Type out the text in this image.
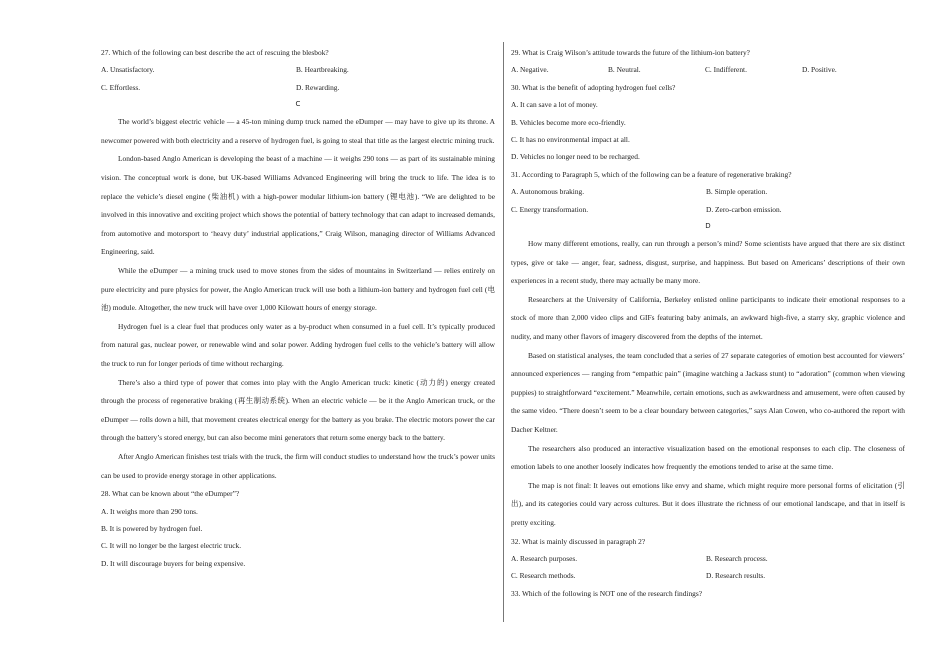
27. Which of the following can best describe the act of rescuing the blesbok?
A. Unsatisfactory.	B. Heartbreaking.
C. Effortless.	D. Rewarding.
C
The world’s biggest electric vehicle — a 45-ton mining dump truck named the eDumper — may have to give up its throne. A newcomer powered with both electricity and a reserve of hydrogen fuel, is going to steal that title as the largest electric mining truck.
London-based Anglo American is developing the beast of a machine — it weighs 290 tons — as part of its sustainable mining vision. The conceptual work is done, but UK-based Williams Advanced Engineering will bring the truck to life. The idea is to replace the vehicle’s diesel engine (柴油机) with a high-power modular lithium-ion battery (锂电池). “We are delighted to be involved in this innovative and exciting project which shows the potential of battery technology that can adapt to increased demands, from automotive and motorsport to ‘heavy duty’ industrial applications,” Craig Wilson, managing director of Williams Advanced Engineering, said.
While the eDumper — a mining truck used to move stones from the sides of mountains in Switzerland — relies entirely on pure electricity and pure physics for power, the Anglo American truck will use both a lithium-ion battery and hydrogen fuel cell (电池) module. Altogether, the new truck will have over 1,000 Kilowatt hours of energy storage.
Hydrogen fuel is a clear fuel that produces only water as a by-product when consumed in a fuel cell. It’s typically produced from natural gas, nuclear power, or renewable wind and solar power. Adding hydrogen fuel cells to the vehicle’s battery will allow the truck to run for longer periods of time without recharging.
There’s also a third type of power that comes into play with the Anglo American truck: kinetic (动力的) energy created through the process of regenerative braking (再生制动系统). When an electric vehicle — be it the Anglo American truck, or the eDumper — rolls down a hill, that movement creates electrical energy for the battery as you brake. The electric motors power the car through the battery’s stored energy, but can also become mini generators that return some energy back to the battery.
After Anglo American finishes test trials with the truck, the firm will conduct studies to understand how the truck’s power units can be used to provide energy storage in other applications.
28. What can be known about “the eDumper”?
A. It weighs more than 290 tons.
B. It is powered by hydrogen fuel.
C. It will no longer be the largest electric truck.
D. It will discourage buyers for being expensive.
29. What is Craig Wilson’s attitude towards the future of the lithium-ion battery?
A. Negative.	B. Neutral.	C. Indifferent.	D. Positive.
30. What is the benefit of adopting hydrogen fuel cells?
A. It can save a lot of money.
B. Vehicles become more eco-friendly.
C. It has no environmental impact at all.
D. Vehicles no longer need to be recharged.
31. According to Paragraph 5, which of the following can be a feature of regenerative braking?
A. Autonomous braking.	B. Simple operation.
C. Energy transformation.	D. Zero-carbon emission.
D
How many different emotions, really, can run through a person’s mind? Some scientists have argued that there are six distinct types, give or take — anger, fear, sadness, disgust, surprise, and happiness. But based on Americans’ descriptions of their own experiences in a recent study, there may actually be many more.
Researchers at the University of California, Berkeley enlisted online participants to indicate their emotional responses to a stock of more than 2,000 video clips and GIFs featuring baby animals, an awkward high-five, a starry sky, graphic violence and nudity, and many other flavors of imagery discovered from the depths of the internet.
Based on statistical analyses, the team concluded that a series of 27 separate categories of emotion best accounted for viewers’ announced experiences — ranging from “empathic pain” (imagine watching a Jackass stunt) to “adoration” (common when viewing puppies) to straightforward “excitement.” Meanwhile, certain emotions, such as awkwardness and amusement, were often caused by the same video. “There doesn’t seem to be a clear boundary between categories,” says Alan Cowen, who co-authored the report with Dacher Keltner.
The researchers also produced an interactive visualization based on the emotional responses to each clip. The closeness of emotion labels to one another loosely indicates how frequently the emotions tended to arise at the same time.
The map is not final: It leaves out emotions like envy and shame, which might require more personal forms of elicitation (引出), and its categories could vary across cultures. But it does illustrate the richness of our emotional landscape, and that in itself is pretty exciting.
32. What is mainly discussed in paragraph 2?
A. Research purposes.	B. Research process.
C. Research methods.	D. Research results.
33. Which of the following is NOT one of the research findings?
